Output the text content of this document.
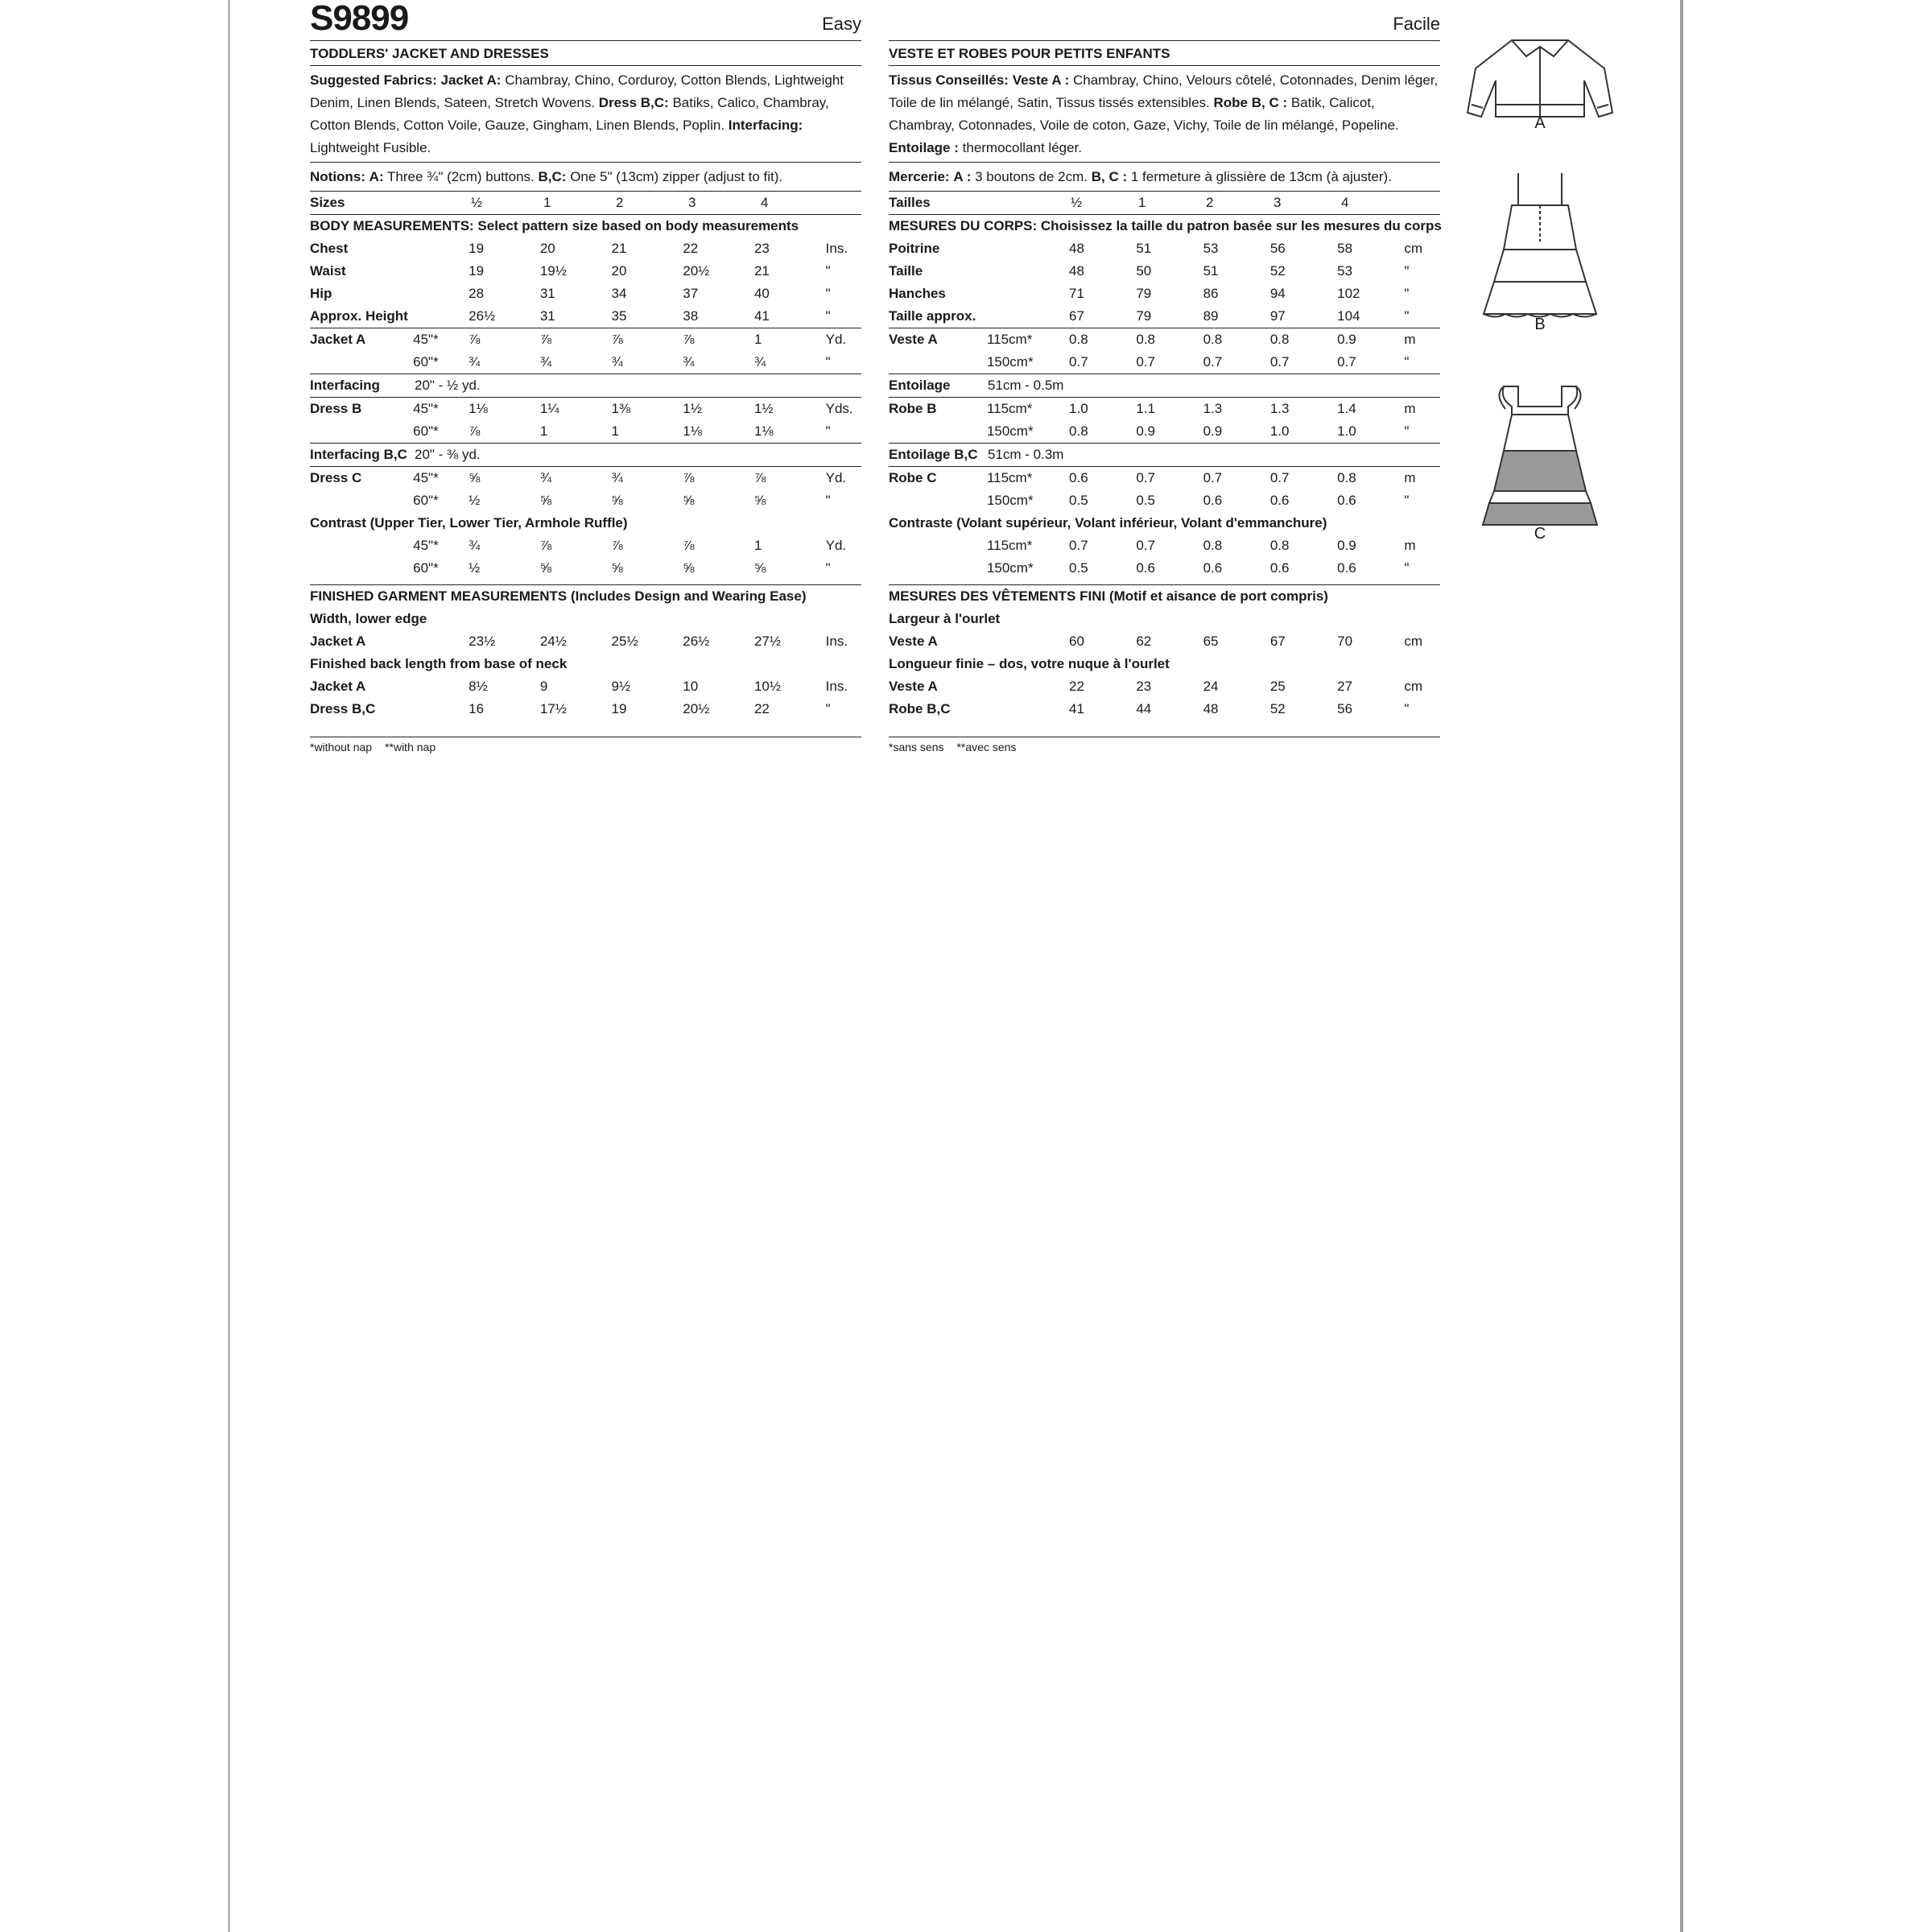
S9899	Easy
TODDLERS' JACKET AND DRESSES
Suggested Fabrics: Jacket A: Chambray, Chino, Corduroy, Cotton Blends, Lightweight Denim, Linen Blends, Sateen, Stretch Wovens. Dress B,C: Batiks, Calico, Chambray, Cotton Blends, Cotton Voile, Gauze, Gingham, Linen Blends, Poplin. Interfacing: Lightweight Fusible.
Notions: A: Three ¾" (2cm) buttons. B,C: One 5" (13cm) zipper (adjust to fit).
Sizes	½	1	2	3	4
BODY MEASUREMENTS: Select pattern size based on body measurements
Chest	19	20	21	22	23	Ins.
Waist	19	19½	20	20½	21	"
Hip	28	31	34	37	40	"
Approx. Height	26½	31	35	38	41	"
Jacket A	45"*	⅞	⅞	⅞	⅞	1	Yd.
60"*	¾	¾	¾	¾	¾	"
Interfacing	20" - ½ yd.
Dress B	45"*	1⅛	1¼	1⅜	1½	1½	Yds.
60"*	⅞	1	1	1⅛	1⅛	"
Interfacing B,C 20" - ⅜ yd.
Dress C	45"*	⅝	¾	¾	⅞	⅞	Yd.
60"*	½	⅝	⅝	⅝	⅝	"
Contrast (Upper Tier, Lower Tier, Armhole Ruffle)
45"*	¾	⅞	⅞	⅞	1	Yd.
60"*	½	⅝	⅝	⅝	⅝	"
FINISHED GARMENT MEASUREMENTS (Includes Design and Wearing Ease)
Width, lower edge
Jacket A	23½	24½	25½	26½	27½	Ins.
Finished back length from base of neck
Jacket A	8½	9	9½	10	10½	Ins.
Dress B,C	16	17½	19	20½	22	"
*without nap **with nap
Facile
VESTE ET ROBES POUR PETITS ENFANTS
Tissus Conseillés: Veste A : Chambray, Chino, Velours côtelé, Cotonnades, Denim léger, Toile de lin mélangé, Satin, Tissus tissés extensibles. Robe B, C : Batik, Calicot, Chambray, Cotonnades, Voile de coton, Gaze, Vichy, Toile de lin mélangé, Popeline. Entoilage : thermocollant léger.
Mercerie: A : 3 boutons de 2cm. B, C : 1 fermeture à glissière de 13cm (à ajuster).
Tailles	½	1	2	3	4
MESURES DU CORPS: Choisissez la taille du patron basée sur les mesures du corps
Poitrine	48	51	53	56	58	cm
Taille	48	50	51	52	53	"
Hanches	71	79	86	94	102	"
Taille approx.	67	79	89	97	104	"
Veste A	115cm*	0.8	0.8	0.8	0.8	0.9	m
150cm*	0.7	0.7	0.7	0.7	0.7	"
Entoilage	51cm - 0.5m
Robe B	115cm*	1.0	1.1	1.3	1.3	1.4	m
150cm*	0.8	0.9	0.9	1.0	1.0	"
Entoilage B,C 51cm - 0.3m
Robe C	115cm*	0.6	0.7	0.7	0.7	0.8	m
150cm*	0.5	0.5	0.6	0.6	0.6	"
Contraste (Volant supérieur, Volant inférieur, Volant d'emmanchure)
115cm*	0.7	0.7	0.8	0.8	0.9	m
150cm*	0.5	0.6	0.6	0.6	0.6	"
MESURES DES VÊTEMENTS FINI (Motif et aisance de port compris)
Largeur à l'ourlet
Veste A	60	62	65	67	70	cm
Longueur finie – dos, votre nuque à l'ourlet
Veste A	22	23	24	25	27	cm
Robe B,C	41	44	48	52	56	"
*sans sens **avec sens
A
B
C
